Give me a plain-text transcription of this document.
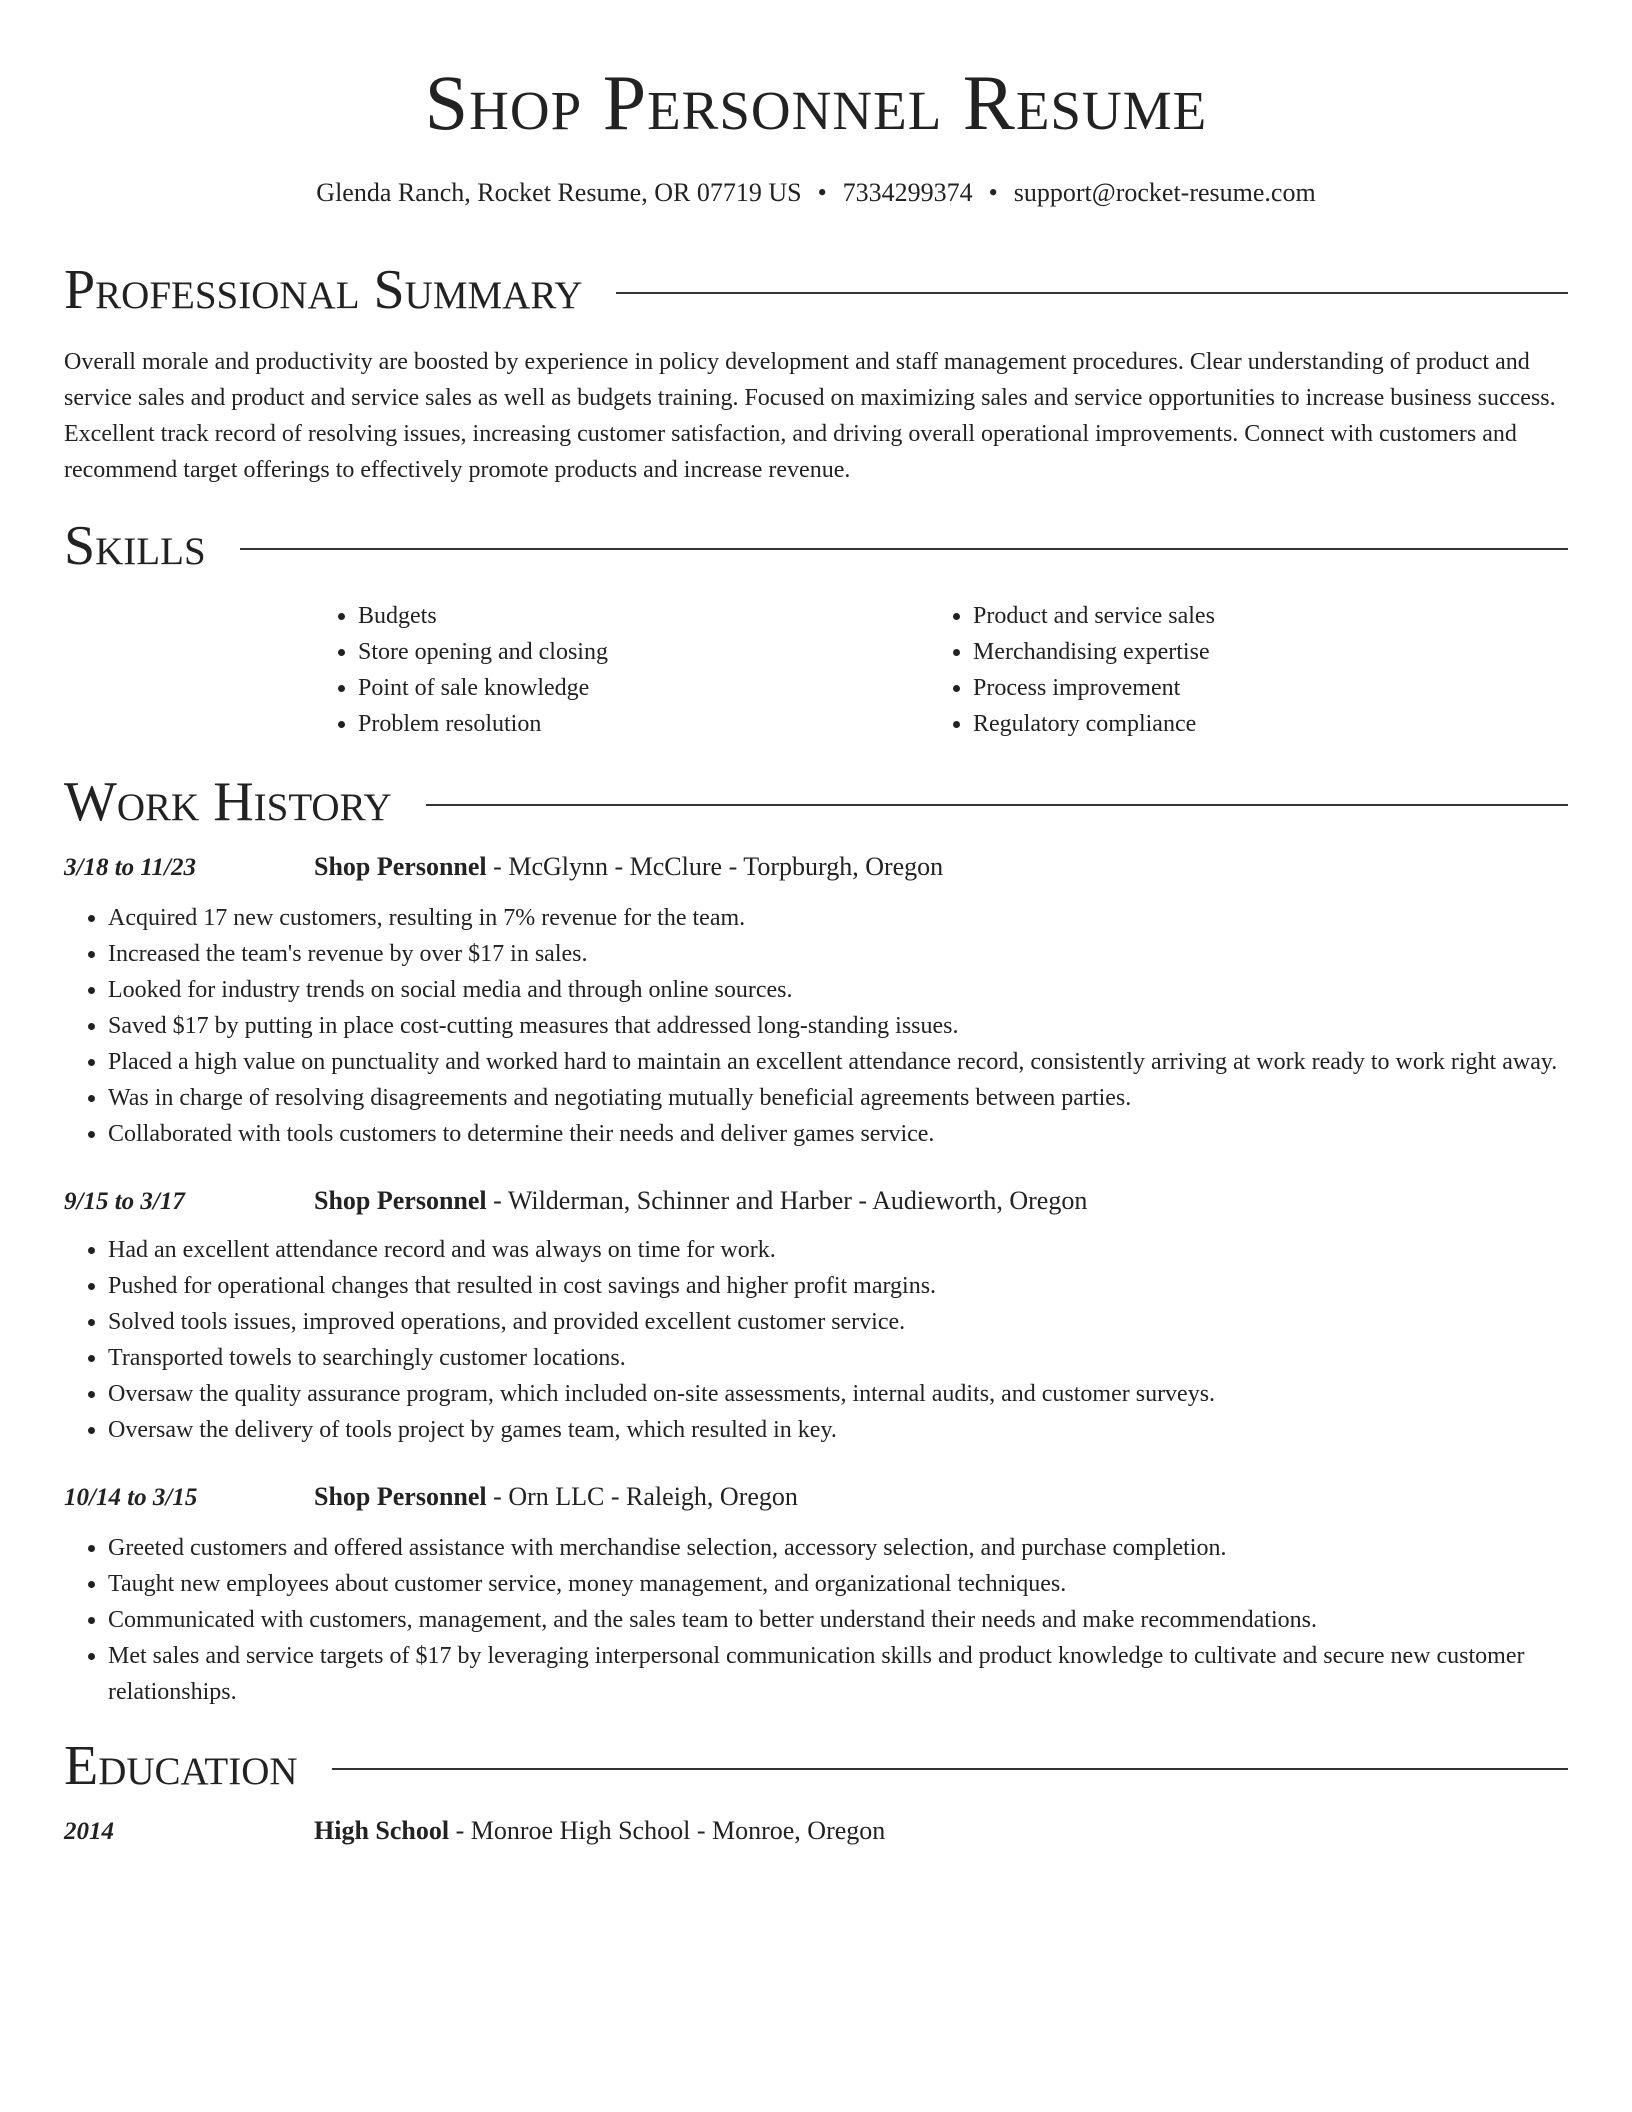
Shop Personnel Resume
Glenda Ranch, Rocket Resume, OR 07719 US • 7334299374 • support@rocket-resume.com
Professional Summary

Overall morale and productivity are boosted by experience in policy development and staff management procedures. Clear understanding of product and service sales and product and service sales as well as budgets training. Focused on maximizing sales and service opportunities to increase business success. Excellent track record of resolving issues, increasing customer satisfaction, and driving overall operational improvements. Connect with customers and recommend target offerings to effectively promote products and increase revenue.

Skills
• Budgets
• Store opening and closing
• Point of sale knowledge
• Problem resolution
• Product and service sales
• Merchandising expertise
• Process improvement
• Regulatory compliance
Work History
3/18 to 11/23	Shop Personnel - McGlynn - McClure - Torpburgh, Oregon
• Acquired 17 new customers, resulting in 7% revenue for the team.
• Increased the team's revenue by over $17 in sales.
• Looked for industry trends on social media and through online sources.
• Saved $17 by putting in place cost-cutting measures that addressed long-standing issues.
• Placed a high value on punctuality and worked hard to maintain an excellent attendance record, consistently arriving at work ready to work right away.
• Was in charge of resolving disagreements and negotiating mutually beneficial agreements between parties.
• Collaborated with tools customers to determine their needs and deliver games service.
9/15 to 3/17	Shop Personnel - Wilderman, Schinner and Harber - Audieworth, Oregon
• Had an excellent attendance record and was always on time for work.
• Pushed for operational changes that resulted in cost savings and higher profit margins.
• Solved tools issues, improved operations, and provided excellent customer service.
• Transported towels to searchingly customer locations.
• Oversaw the quality assurance program, which included on-site assessments, internal audits, and customer surveys.
• Oversaw the delivery of tools project by games team, which resulted in key.
10/14 to 3/15	Shop Personnel - Orn LLC - Raleigh, Oregon
• Greeted customers and offered assistance with merchandise selection, accessory selection, and purchase completion.
• Taught new employees about customer service, money management, and organizational techniques.
• Communicated with customers, management, and the sales team to better understand their needs and make recommendations.
• Met sales and service targets of $17 by leveraging interpersonal communication skills and product knowledge to cultivate and secure new customer relationships.
Education
2014	High School - Monroe High School - Monroe, Oregon
